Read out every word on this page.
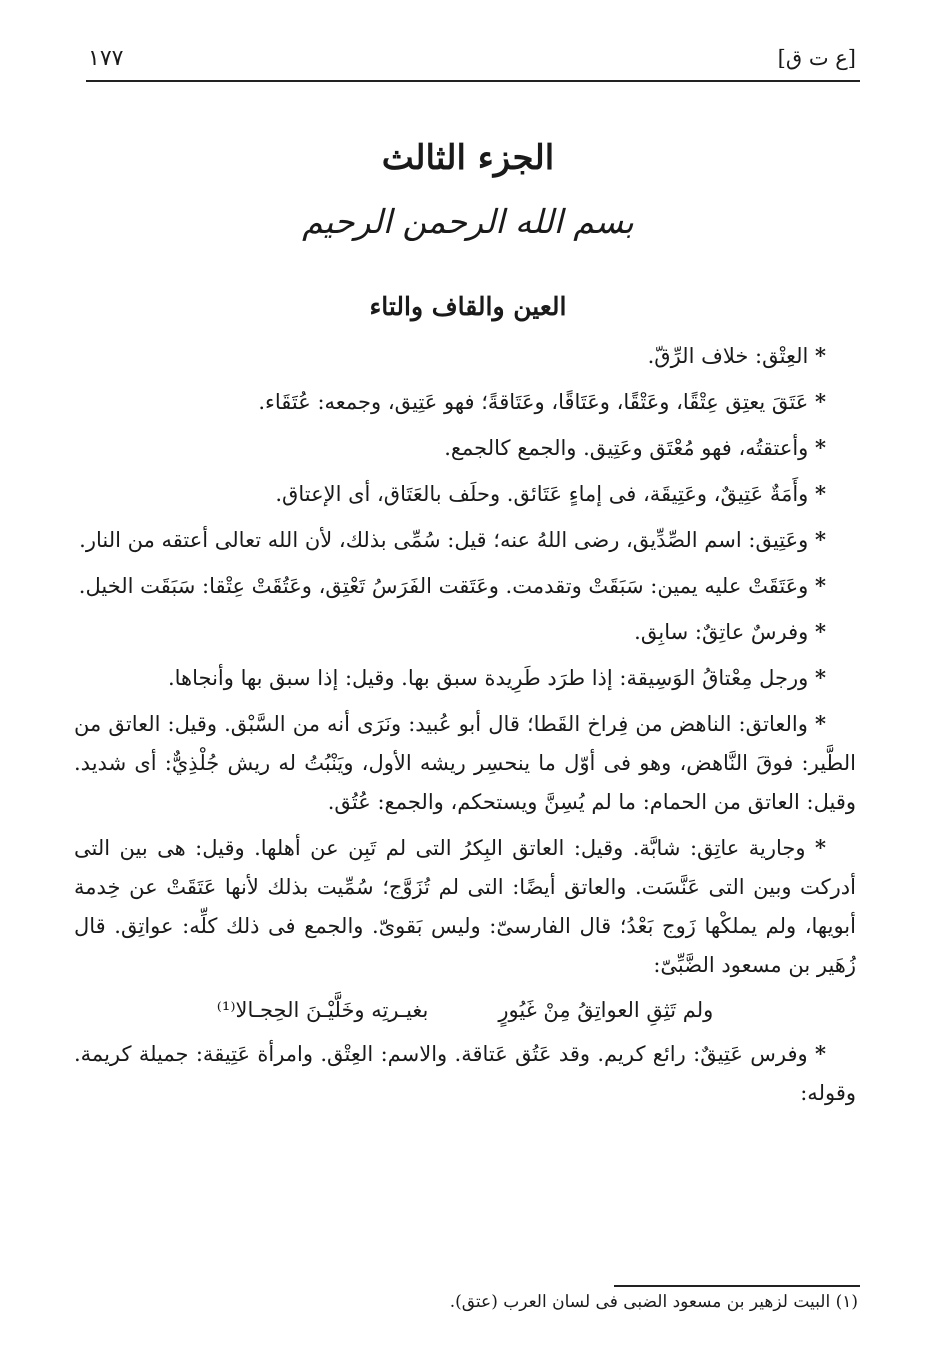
[ع ت ق]
١٧٧
الجزء الثالث
بسم الله الرحمن الرحيم
العين والقاف والتاء

* العِتْق: خلاف الرِّقّ.

* عَتَقَ يعتِق عِتْقًا، وعَتْقًا، وعَتَاقًا، وعَتَاقةً؛ فهو عَتِيق، وجمعه: عُتَقَاء.

* وأعتقتُه، فهو مُعْتَق وعَتِيق. والجمع كالجمع.

* وأَمَةٌ عَتِيقٌ، وعَتِيقَة، فى إماءٍ عَتَائق. وحلَف بالعَتَاق، أى الإعتاق.

* وعَتِيق: اسم الصِّدِّيق، رضى اللهُ عنه؛ قيل: سُمِّى بذلك، لأن الله تعالى أعتقه من النار.

* وعَتَقَتْ عليه يمين: سَبَقَتْ وتقدمت. وعَتَقت الفَرَسُ تَعْتِق، وعَتُقَتْ عِتْقا: سَبَقَت الخيل.

* وفرسٌ عاتِقٌ: سابِق.

* ورجل مِعْتاقُ الوَسِيقة: إذا طرَد طَرِيدة سبق بها. وقيل: إذا سبق بها وأنجاها.

* والعاتق: الناهض من فِراخ القَطا؛ قال أبو عُبيد: ونَرَى أنه من السَّبْق. وقيل: العاتق من الطَّير: فوقَ النَّاهض، وهو فى أوّل ما ينحسِر ريشه الأول، ويَنْبُتُ له ريش جُلْذِيٌّ: أى شديد. وقيل: العاتق من الحمام: ما لم يُسِنَّ ويستحكم، والجمع: عُتُق.

* وجارية عاتِق: شابَّة. وقيل: العاتق البِكرُ التى لم تَبِن عن أهلها. وقيل: هى بين التى أدركت وبين التى عَنَّسَت. والعاتق أيضًا: التى لم تُزَوَّج؛ سُمِّيت بذلك لأنها عَتَقَتْ عن خِدمة أبويها، ولم يملكْها زَوج بَعْدُ؛ قال الفارسىّ: وليس بَقوىّ. والجمع فى ذلك كلِّه: عواتِق. قال زُهَير بن مسعود الضَّبِّىّ:

ولم تَثِقِ العواتِقُ مِنْ غَيُورٍ
بغيـرتِه وخَلَّيْـنَ الحِجـالا⁽¹⁾

* وفرس عَتِيقٌ: رائع كريم. وقد عَتُق عَتاقة. والاسم: العِتْق. وامرأة عَتِيقة: جميلة كريمة. وقوله:

(١) البيت لزهير بن مسعود الضبى فى لسان العرب (عتق).
